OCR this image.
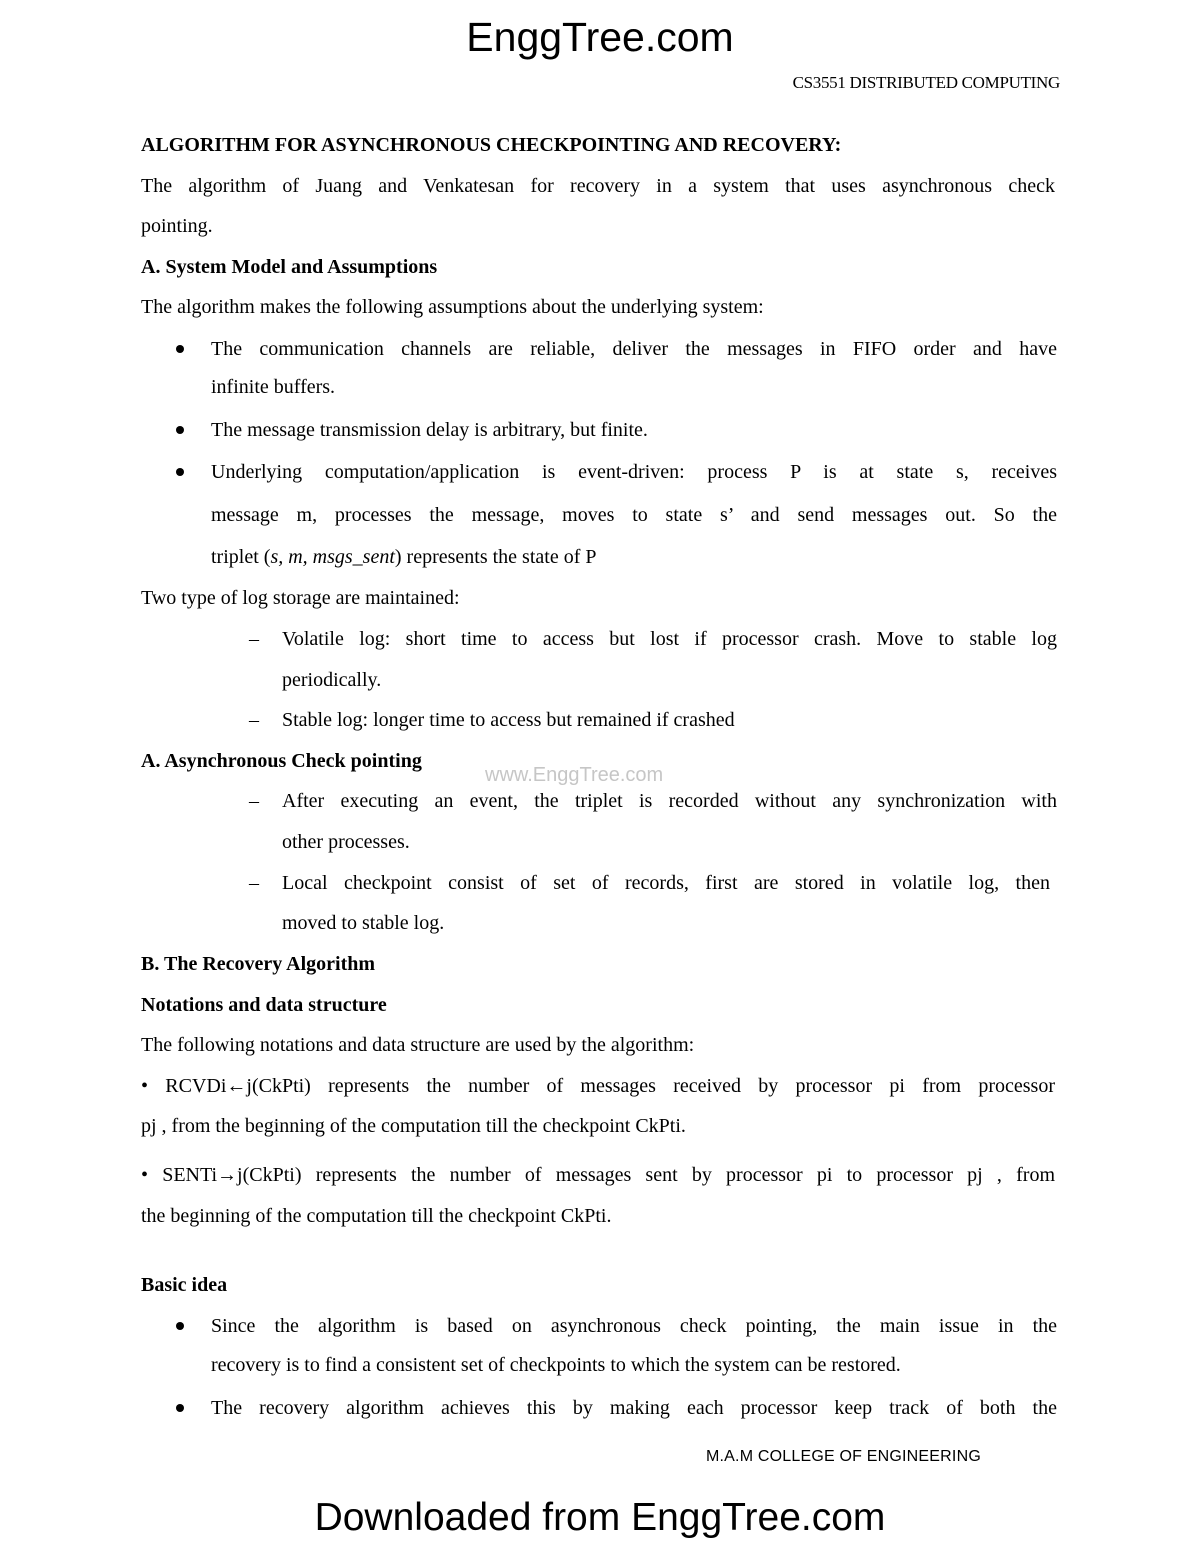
EnggTree.com
CS3551 DISTRIBUTED COMPUTING
ALGORITHM FOR ASYNCHRONOUS CHECKPOINTING AND RECOVERY:
The algorithm of Juang and Venkatesan for recovery in a system that uses asynchronous check
pointing.
A. System Model and Assumptions
The algorithm makes the following assumptions about the underlying system:
The communication channels are reliable, deliver the messages in FIFO order and have
infinite buffers.
The message transmission delay is arbitrary, but finite.
Underlying computation/application is event-driven: process P is at state s, receives
message m, processes the message, moves to state s’ and send messages out. So the
triplet (s, m, msgs_sent) represents the state of P
Two type of log storage are maintained:
– Volatile log: short time to access but lost if processor crash. Move to stable log
periodically.
– Stable log: longer time to access but remained if crashed
A. Asynchronous Check pointing
– After executing an event, the triplet is recorded without any synchronization with
other processes.
– Local checkpoint consist of set of records, first are stored in volatile log, then
moved to stable log.
B. The Recovery Algorithm
Notations and data structure
The following notations and data structure are used by the algorithm:
• RCVDi←j(CkPti) represents the number of messages received by processor pi from processor
pj , from the beginning of the computation till the checkpoint CkPti.
• SENTi→j(CkPti) represents the number of messages sent by processor pi to processor pj , from
the beginning of the computation till the checkpoint CkPti.
Basic idea
Since the algorithm is based on asynchronous check pointing, the main issue in the
recovery is to find a consistent set of checkpoints to which the system can be restored.
The recovery algorithm achieves this by making each processor keep track of both the
www.EnggTree.com
M.A.M COLLEGE OF ENGINEERING
Downloaded from EnggTree.com
